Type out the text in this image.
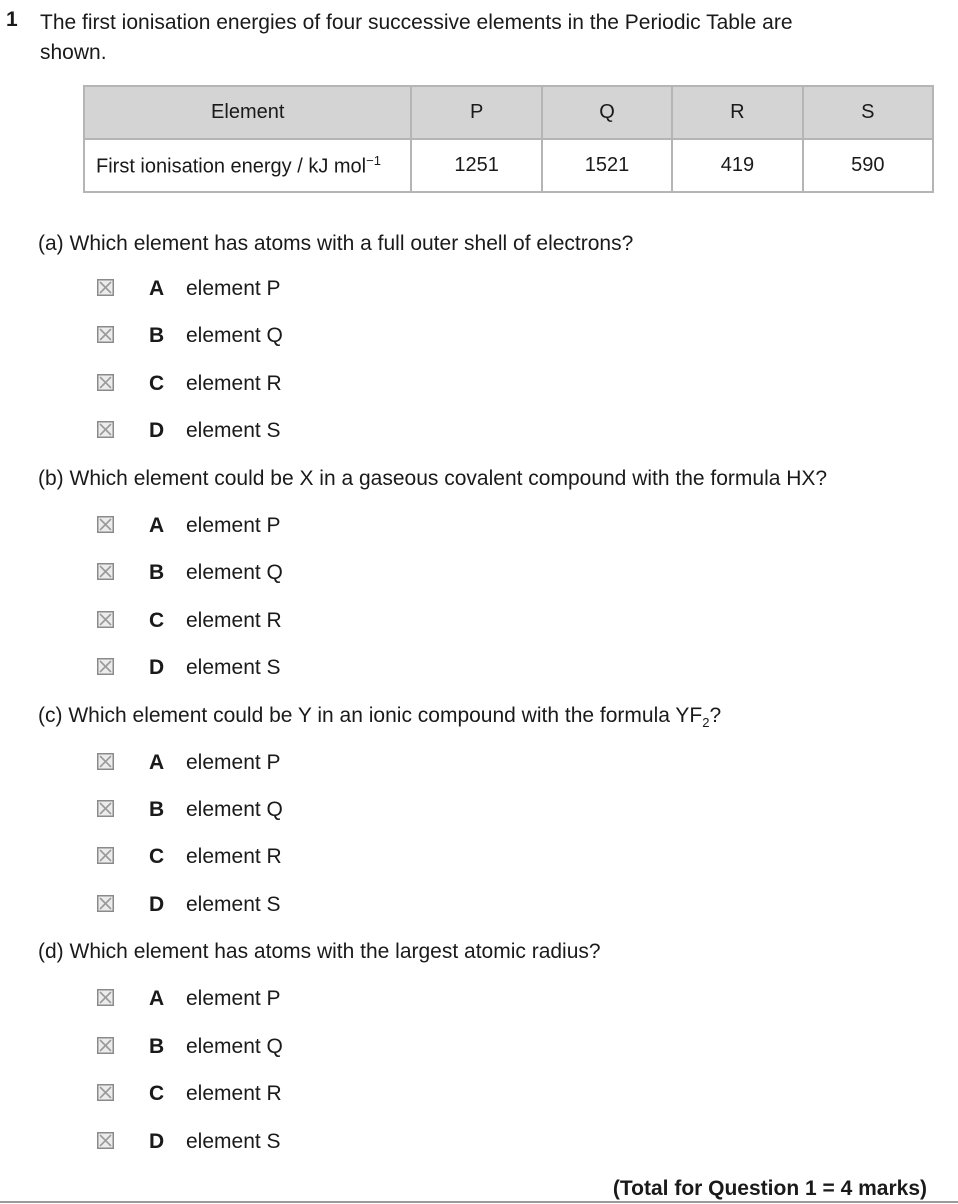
1 The first ionisation energies of four successive elements in the Periodic Table are shown.
Element	P	Q	R	S
First ionisation energy / kJ mol$^{-1}$	1251	1521	419	590
(a) Which element has atoms with a full outer shell of electrons?
A element P
B element Q
C element R
D element S
(b) Which element could be X in a gaseous covalent compound with the formula HX?
A element P
B element Q
C element R
D element S
(c) Which element could be Y in an ionic compound with the formula $YF_2$?
A element P
B element Q
C element R
D element S
(d) Which element has atoms with the largest atomic radius?
A element P
B element Q
C element R
D element S
(Total for Question 1 = 4 marks)
